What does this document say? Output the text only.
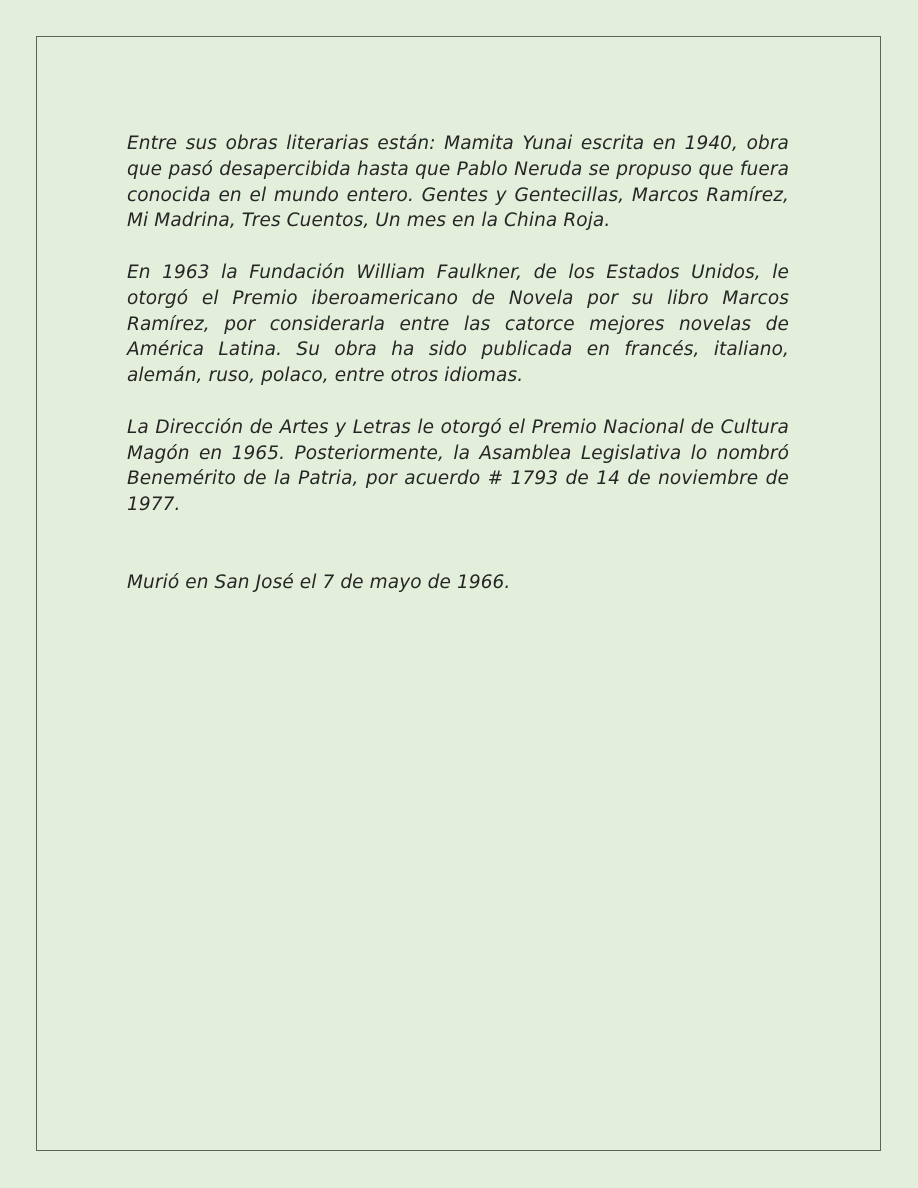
Entre sus obras literarias están: Mamita Yunai escrita en 1940, obra que pasó desapercibida hasta que Pablo Neruda se propuso que fuera conocida en el mundo entero. Gentes y Gentecillas, Marcos Ramírez, Mi Madrina, Tres Cuentos, Un mes en la China Roja.

En 1963 la Fundación William Faulkner, de los Estados Unidos, le otorgó el Premio iberoamericano de Novela por su libro Marcos Ramírez, por considerarla entre las catorce mejores novelas de América Latina. Su obra ha sido publicada en francés, italiano, alemán, ruso, polaco, entre otros idiomas.

La Dirección de Artes y Letras le otorgó el Premio Nacional de Cultura Magón en 1965. Posteriormente, la Asamblea Legislativa lo nombró Benemérito de la Patria, por acuerdo # 1793 de 14 de noviembre de 1977.

Murió en San José el 7 de mayo de 1966.
